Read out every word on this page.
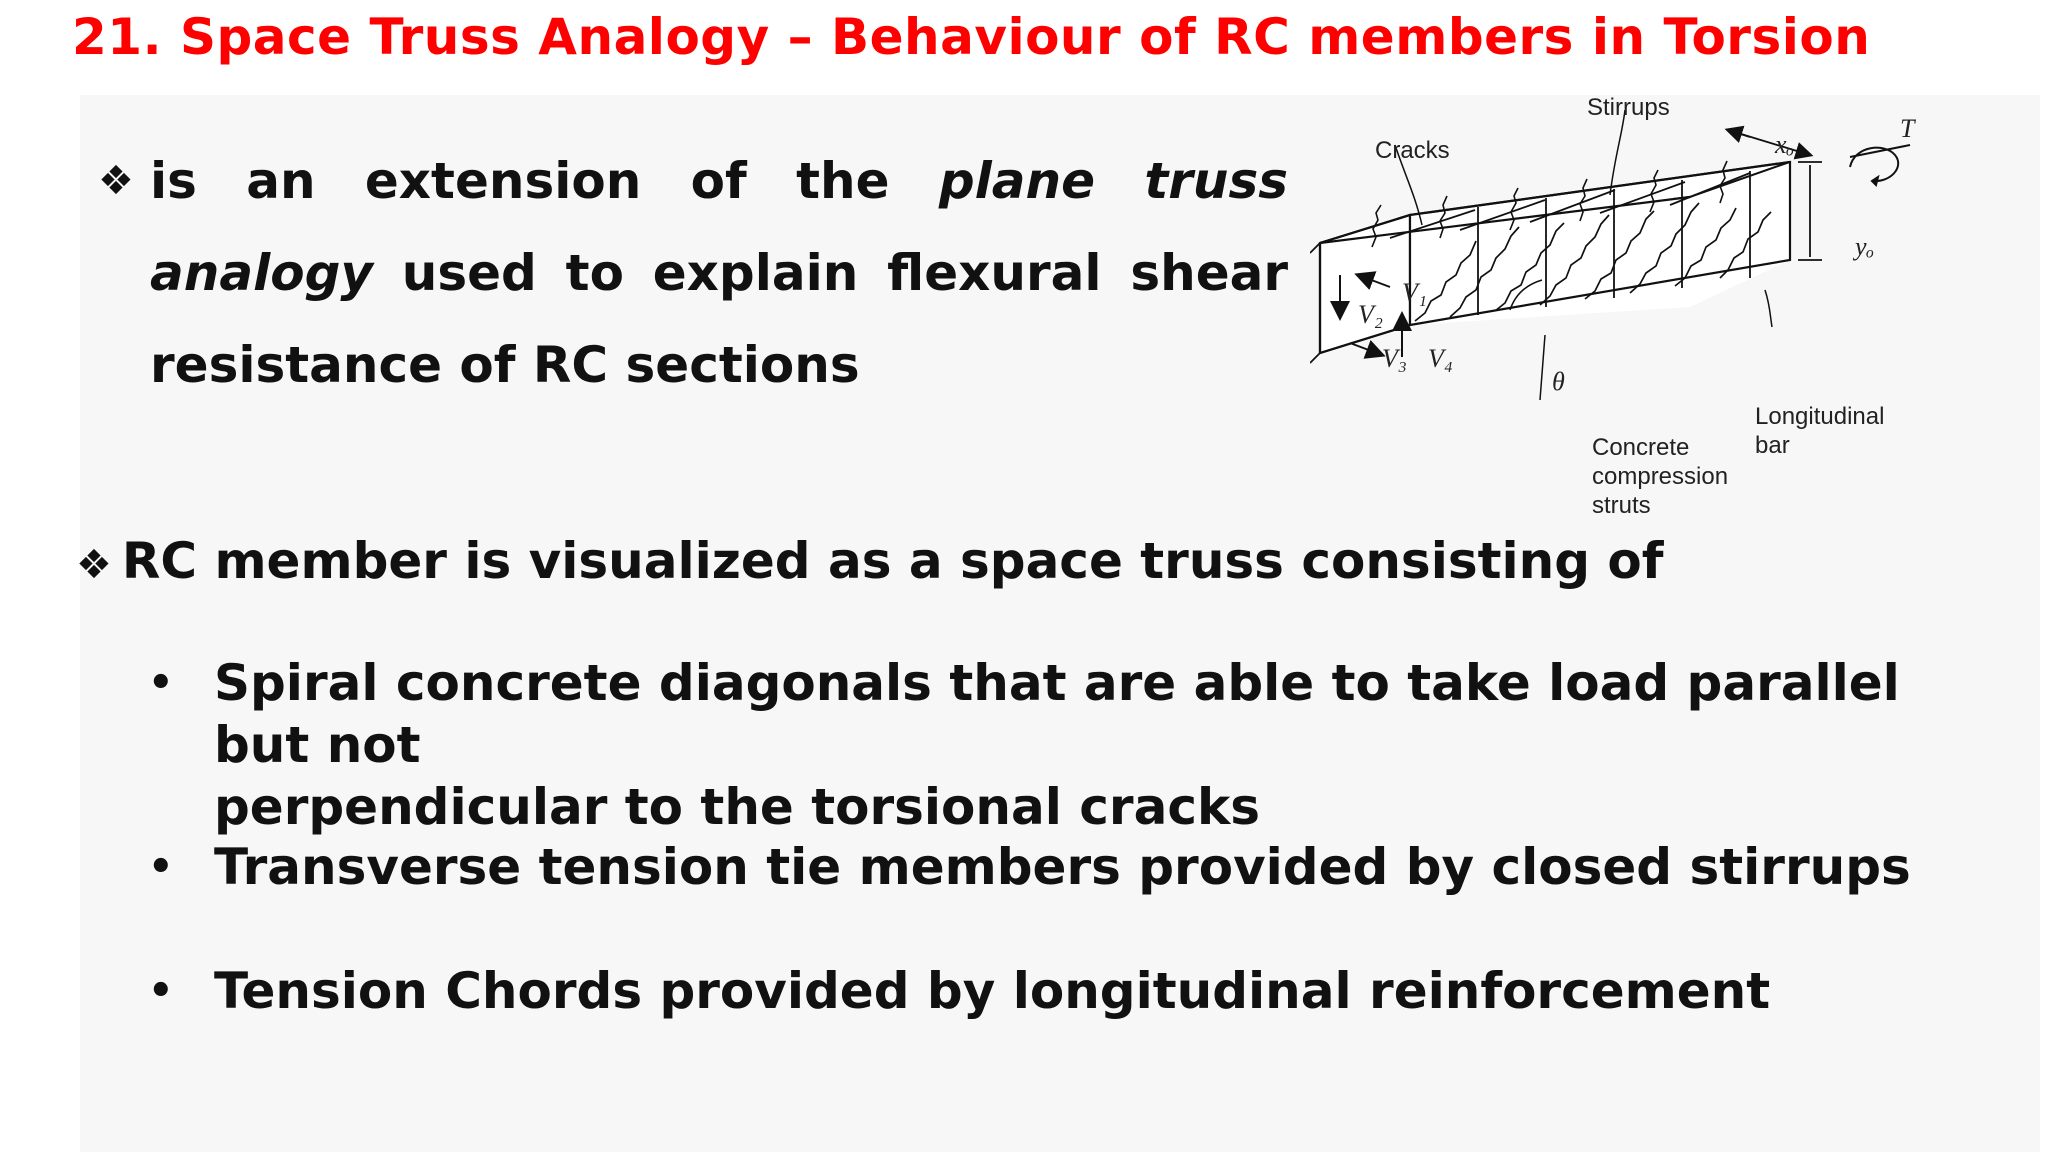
21. Space Truss Analogy – Behaviour of RC members in Torsion
❖ is an extension of the plane truss analogy used to explain flexural shear resistance of RC sections
❖ RC member is visualized as a space truss consisting of
• Spiral concrete diagonals that are able to take load parallel but not
perpendicular to the torsional cracks
• Transverse tension tie members provided by closed stirrups
• Tension Chords provided by longitudinal reinforcement
Stirrups
Cracks	xₒ
yₒ
T
θ
V₂
V₁
V₃ V₄
Longitudinal
bar
Concrete
compression
struts
